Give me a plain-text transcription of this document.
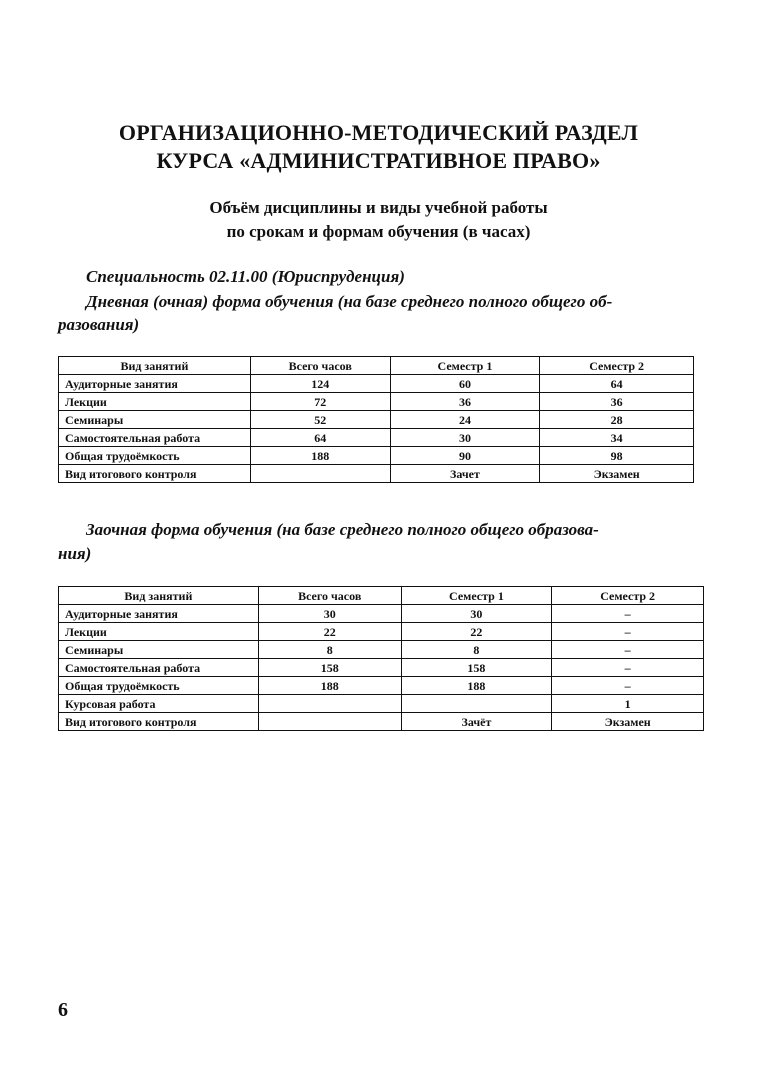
ОРГАНИЗАЦИОННО-МЕТОДИЧЕСКИЙ РАЗДЕЛ
КУРСА «АДМИНИСТРАТИВНОЕ ПРАВО»
Объём дисциплины и виды учебной работы
по срокам и формам обучения (в часах)
Специальность 02.11.00 (Юриспруденция)
Дневная (очная) форма обучения (на базе среднего полного общего об-
разования)
Вид занятий	Всего часов	Семестр 1	Семестр 2
Аудиторные занятия	124	60	64
Лекции	72	36	36
Семинары	52	24	28
Самостоятельная работа	64	30	34
Общая трудоёмкость	188	90	98
Вид итогового контроля		Зачет	Экзамен
Заочная форма обучения (на базе среднего полного общего образова-
ния)
Вид занятий	Всего часов	Семестр 1	Семестр 2
Аудиторные занятия	30	30	–
Лекции	22	22	–
Семинары	8	8	–
Самостоятельная работа	158	158	–
Общая трудоёмкость	188	188	–
Курсовая работа			1
Вид итогового контроля		Зачёт	Экзамен
6
